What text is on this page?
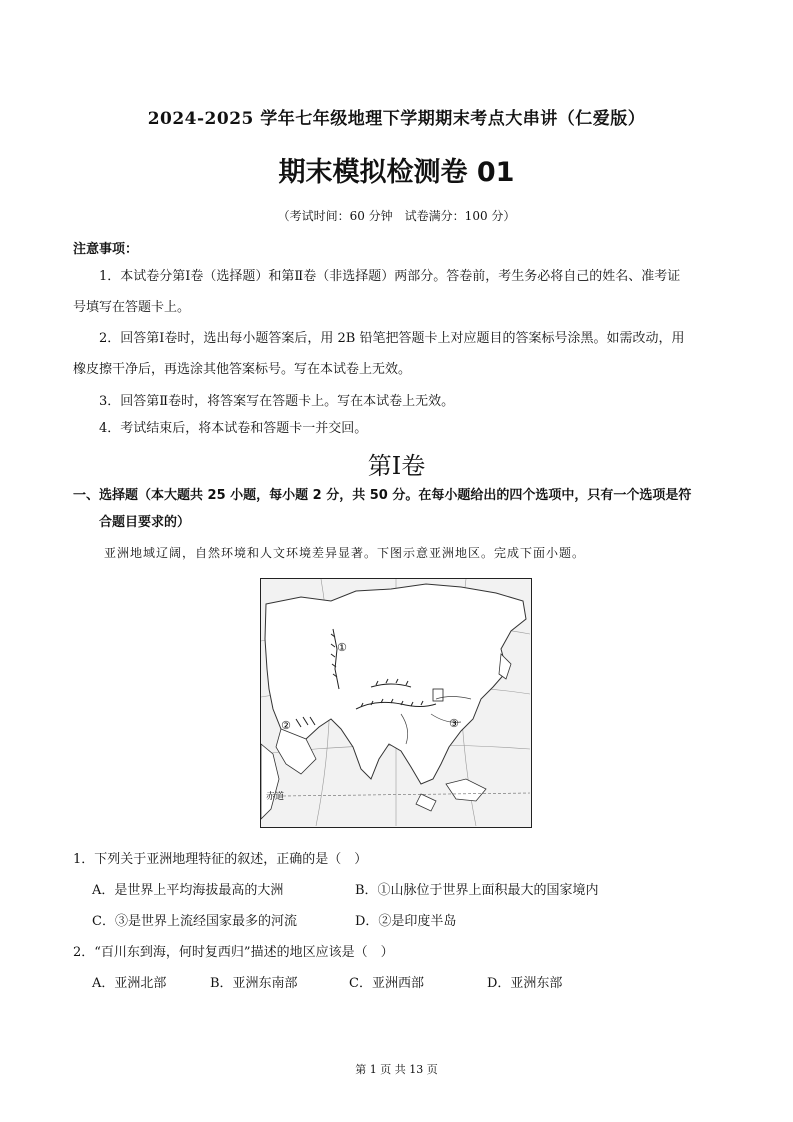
2024-2025 学年七年级地理下学期期末考点大串讲（仁爱版）
期末模拟检测卷 01
（考试时间：60 分钟　试卷满分：100 分）
注意事项：
1．本试卷分第Ⅰ卷（选择题）和第Ⅱ卷（非选择题）两部分。答卷前，考生务必将自己的姓名、准考证
号填写在答题卡上。
2．回答第Ⅰ卷时，选出每小题答案后，用 2B 铅笔把答题卡上对应题目的答案标号涂黑。如需改动，用
橡皮擦干净后，再选涂其他答案标号。写在本试卷上无效。
3．回答第Ⅱ卷时，将答案写在答题卡上。写在本试卷上无效。
4．考试结束后，将本试卷和答题卡一并交回。
第Ⅰ卷
一、选择题（本大题共 25 小题，每小题 2 分，共 50 分。在每小题给出的四个选项中，只有一个选项是符
合题目要求的）
亚洲地域辽阔，自然环境和人文环境差异显著。下图示意亚洲地区。完成下面小题。
①
②	③
赤道
1．下列关于亚洲地理特征的叙述，正确的是（　）
A．是世界上平均海拔最高的大洲	B．①山脉位于世界上面积最大的国家境内
C．③是世界上流经国家最多的河流	D．②是印度半岛
2．“百川东到海，何时复西归”描述的地区应该是（　）
A．亚洲北部	B．亚洲东南部	C．亚洲西部	D．亚洲东部
第 1 页 共 13 页
